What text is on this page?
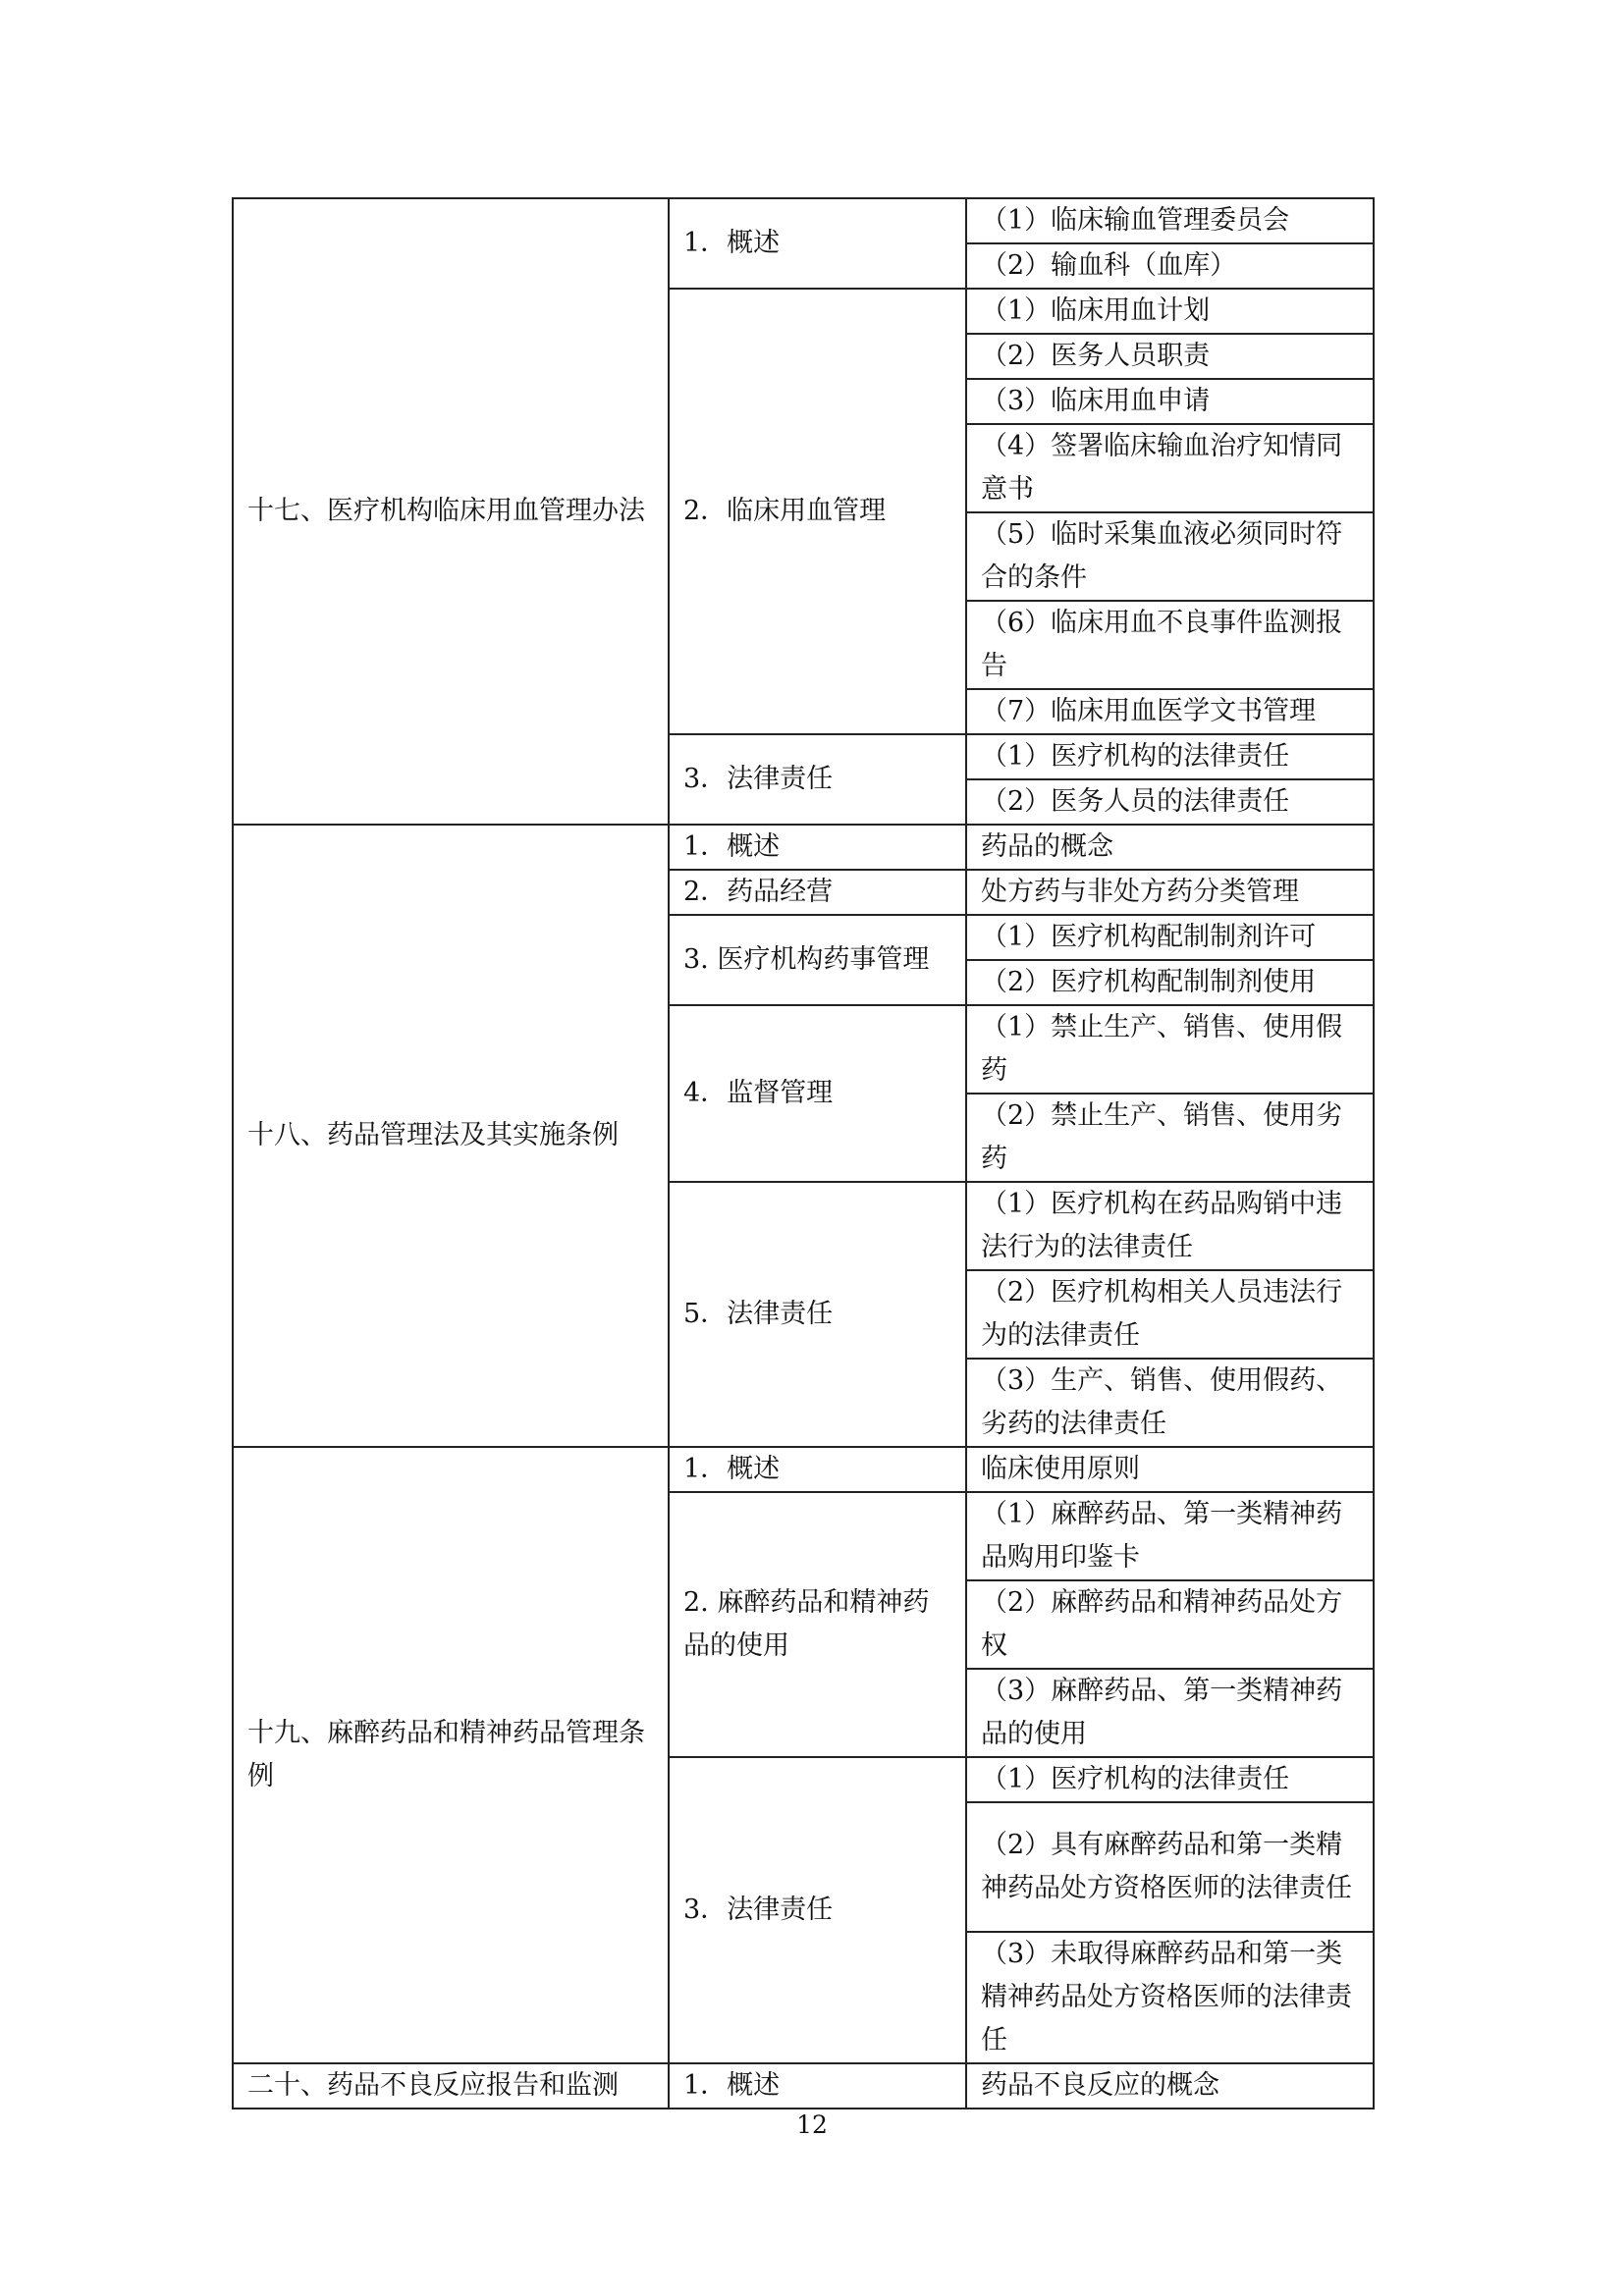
十七、医疗机构临床用血管理办法	1．概述	（1）临床输血管理委员会
		（2）输血科（血库）
	2．临床用血管理	（1）临床用血计划
		（2）医务人员职责
		（3）临床用血申请
		（4）签署临床输血治疗知情同意书

		（5）临时采集血液必须同时符合的条件

		（6）临床用血不良事件监测报告

		（7）临床用血医学文书管理
	3．法律责任	（1）医疗机构的法律责任
		（2）医务人员的法律责任
十八、药品管理法及其实施条例	1．概述	药品的概念
	2．药品经营	处方药与非处方药分类管理
	3. 医疗机构药事管理	（1）医疗机构配制制剂许可
		（2）医疗机构配制制剂使用
	4．监督管理	（1）禁止生产、销售、使用假药

		（2）禁止生产、销售、使用劣药

	5．法律责任	（1）医疗机构在药品购销中违法行为的法律责任

		（2）医疗机构相关人员违法行为的法律责任

		（3）生产、销售、使用假药、劣药的法律责任

十九、麻醉药品和精神药品管理条例	1．概述	临床使用原则
	2. 麻醉药品和精神药品的使用	（1）麻醉药品、第一类精神药品购用印鉴卡

		（2）麻醉药品和精神药品处方权

		（3）麻醉药品、第一类精神药品的使用

	3．法律责任	（1）医疗机构的法律责任
		（2）具有麻醉药品和第一类精神药品处方资格医师的法律责任

		（3）未取得麻醉药品和第一类精神药品处方资格医师的法律责任

二十、药品不良反应报告和监测	1．概述	药品不良反应的概念
12
